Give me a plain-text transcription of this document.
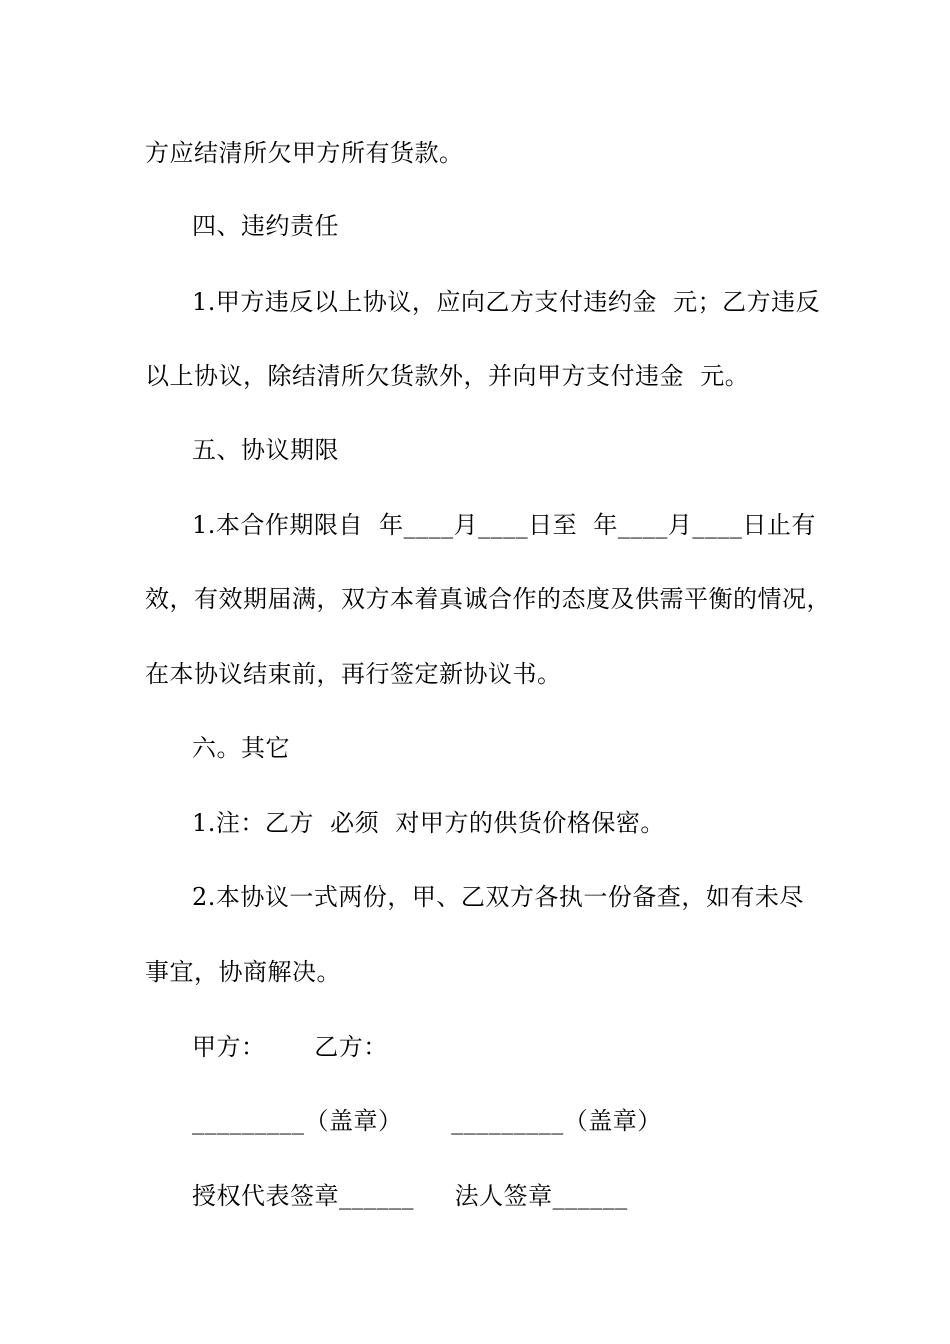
方应结清所欠甲方所有货款。
四、违约责任
1.甲方违反以上协议，应向乙方支付违约金  元；乙方违反
以上协议，除结清所欠货款外，并向甲方支付违金  元。
五、协议期限
1.本合作期限自  年____月____日至  年____月____日止有
效，有效期届满，双方本着真诚合作的态度及供需平衡的情况，
在本协议结束前，再行签定新协议书。
六。其它
1.注：乙方  必须  对甲方的供货价格保密。
2.本协议一式两份，甲、乙双方各执一份备查，如有未尽
事宜，协商解决。
甲方：      乙方：
_________（盖章）      _________（盖章）
授权代表签章______     法人签章______
